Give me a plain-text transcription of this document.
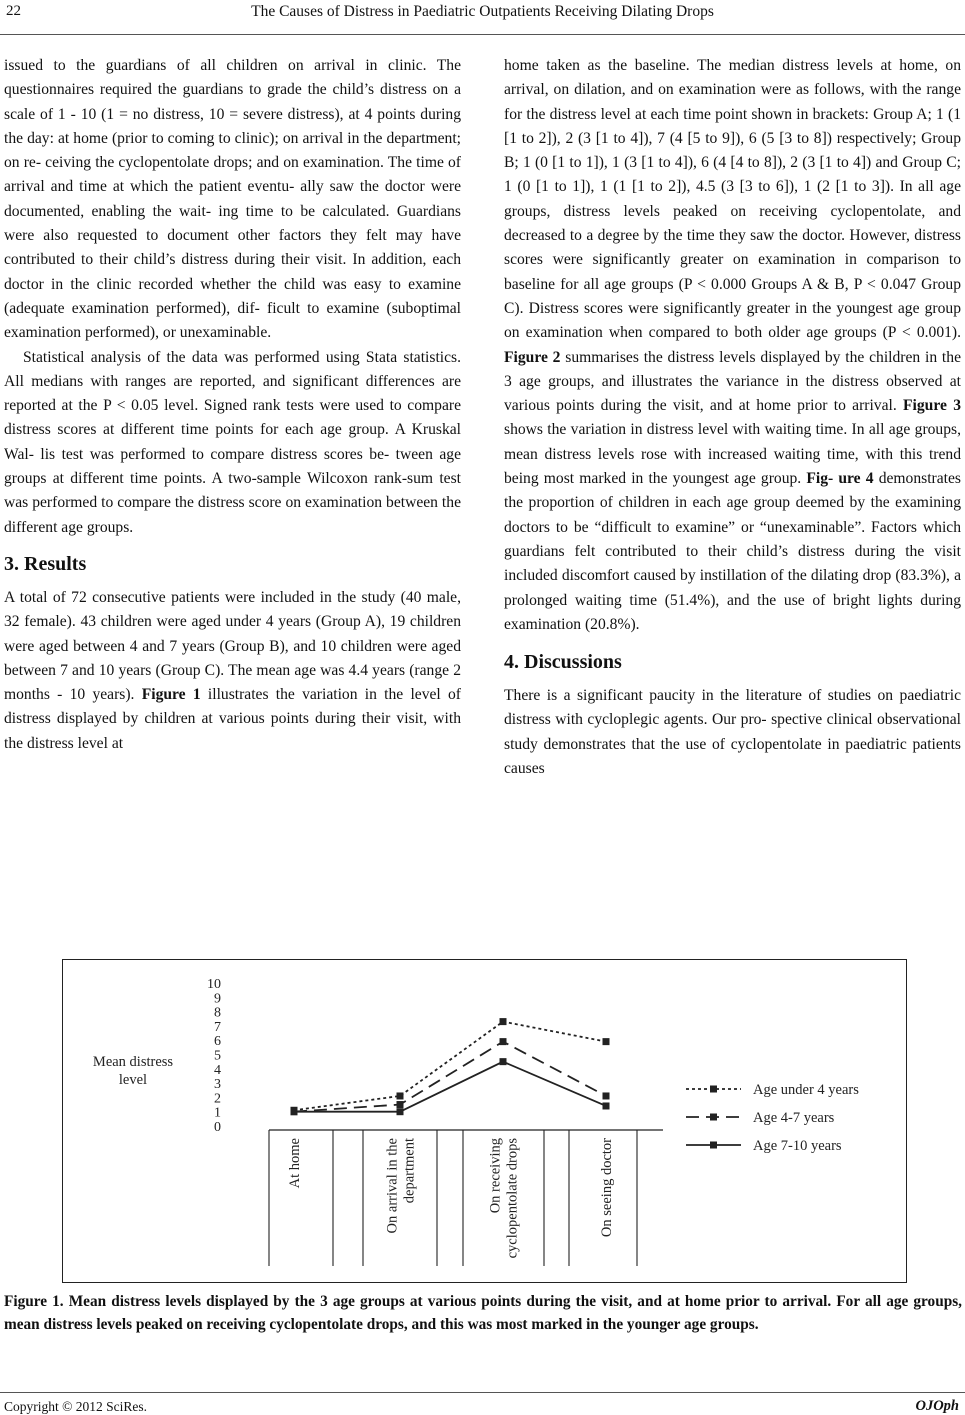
22	The Causes of Distress in Paediatric Outpatients Receiving Dilating Drops

issued to the guardians of all children on arrival in clinic. The questionnaires required the guardians to grade the child’s distress on a scale of 1 - 10 (1 = no distress, 10 = severe distress), at 4 points during the day: at home (prior to coming to clinic); on arrival in the department; on re- ceiving the cyclopentolate drops; and on examination. The time of arrival and time at which the patient eventu- ally saw the doctor were documented, enabling the wait- ing time to be calculated. Guardians were also requested to document other factors they felt may have contributed to their child’s distress during their visit. In addition, each doctor in the clinic recorded whether the child was easy to examine (adequate examination performed), dif- ficult to examine (suboptimal examination performed), or unexaminable.

Statistical analysis of the data was performed using Stata statistics. All medians with ranges are reported, and significant differences are reported at the P < 0.05 level. Signed rank tests were used to compare distress scores at different time points for each age group. A Kruskal Wal- lis test was performed to compare distress scores be- tween age groups at different time points. A two-sample Wilcoxon rank-sum test was performed to compare the distress score on examination between the different age groups.

3. Results

A total of 72 consecutive patients were included in the study (40 male, 32 female). 43 children were aged under 4 years (Group A), 19 children were aged between 4 and 7 years (Group B), and 10 children were aged between 7 and 10 years (Group C). The mean age was 4.4 years (range 2 months - 10 years). Figure 1 illustrates the variation in the level of distress displayed by children at various points during their visit, with the distress level at

home taken as the baseline. The median distress levels at home, on arrival, on dilation, and on examination were as follows, with the range for the distress level at each time point shown in brackets: Group A; 1 (1 [1 to 2]), 2 (3 [1 to 4]), 7 (4 [5 to 9]), 6 (5 [3 to 8]) respectively; Group B; 1 (0 [1 to 1]), 1 (3 [1 to 4]), 6 (4 [4 to 8]), 2 (3 [1 to 4]) and Group C; 1 (0 [1 to 1]), 1 (1 [1 to 2]), 4.5 (3 [3 to 6]), 1 (2 [1 to 3]). In all age groups, distress levels peaked on receiving cyclopentolate, and decreased to a degree by the time they saw the doctor. However, distress scores were significantly greater on examination in comparison to baseline for all age groups (P < 0.000 Groups A & B, P < 0.047 Group C). Distress scores were significantly greater in the youngest age group on examination when compared to both older age groups (P < 0.001). Figure 2 summarises the distress levels displayed by the children in the 3 age groups, and illustrates the variance in the distress observed at various points during the visit, and at home prior to arrival. Figure 3 shows the variation in distress level with waiting time. In all age groups, mean distress levels rose with increased waiting time, with this trend being most marked in the youngest age group. Fig- ure 4 demonstrates the proportion of children in each age group deemed by the examining doctors to be “difficult to examine” or “unexaminable”. Factors which guardians felt contributed to their child’s distress during the visit included discomfort caused by instillation of the dilating drop (83.3%), a prolonged waiting time (51.4%), and the use of bright lights during examination (20.8%).

4. Discussions

There is a significant paucity in the literature of studies on paediatric distress with cycloplegic agents. Our pro- spective clinical observational study demonstrates that the use of cyclopentolate in paediatric patients causes

0
1
2
3
4
5
6
7
8
9
10
Mean distress
level
At home	On arrival in the department	On receiving cyclopentolate drops	On seeing doctor
Age under 4 years
Age 4-7 years
Age 7-10 years
Figure 1. Mean distress levels displayed by the 3 age groups at various points during the visit, and at home prior to arrival. For all age groups, mean distress levels peaked on receiving cyclopentolate drops, and this was most marked in the younger age groups.
Copyright © 2012 SciRes.	OJOph
